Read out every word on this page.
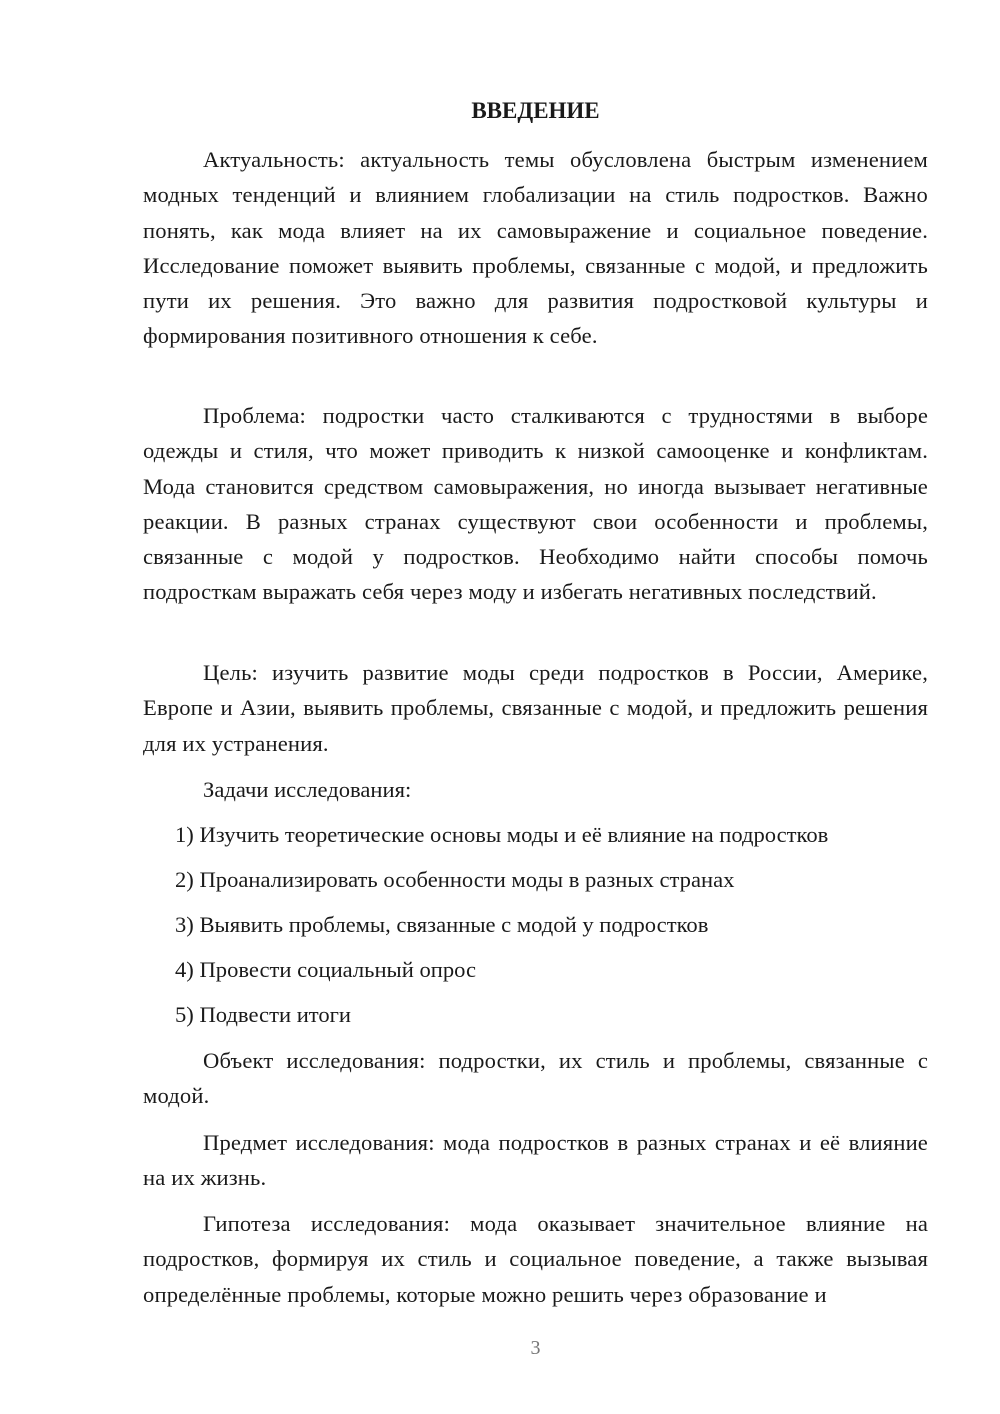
ВВЕДЕНИЕ

Актуальность: актуальность темы обусловлена быстрым изменением модных тенденций и влиянием глобализации на стиль подростков. Важно понять, как мода влияет на их самовыражение и социальное поведение. Исследование поможет выявить проблемы, связанные с модой, и предложить пути их решения. Это важно для развития подростковой культуры и формирования позитивного отношения к себе.

Проблема: подростки часто сталкиваются с трудностями в выборе одежды и стиля, что может приводить к низкой самооценке и конфликтам. Мода становится средством самовыражения, но иногда вызывает негативные реакции. В разных странах существуют свои особенности и проблемы, связанные с модой у подростков. Необходимо найти способы помочь подросткам выражать себя через моду и избегать негативных последствий.

Цель: изучить развитие моды среди подростков в России, Америке, Европе и Азии, выявить проблемы, связанные с модой, и предложить решения для их устранения.

Задачи исследования:

1) Изучить теоретические основы моды и её влияние на подростков

2) Проанализировать особенности моды в разных странах

3) Выявить проблемы, связанные с модой у подростков

4) Провести социальный опрос

5) Подвести итоги

Объект исследования: подростки, их стиль и проблемы, связанные с модой.

Предмет исследования: мода подростков в разных странах и её влияние на их жизнь.

Гипотеза исследования: мода оказывает значительное влияние на подростков, формируя их стиль и социальное поведение, а также вызывая определённые проблемы, которые можно решить через образование и

3
